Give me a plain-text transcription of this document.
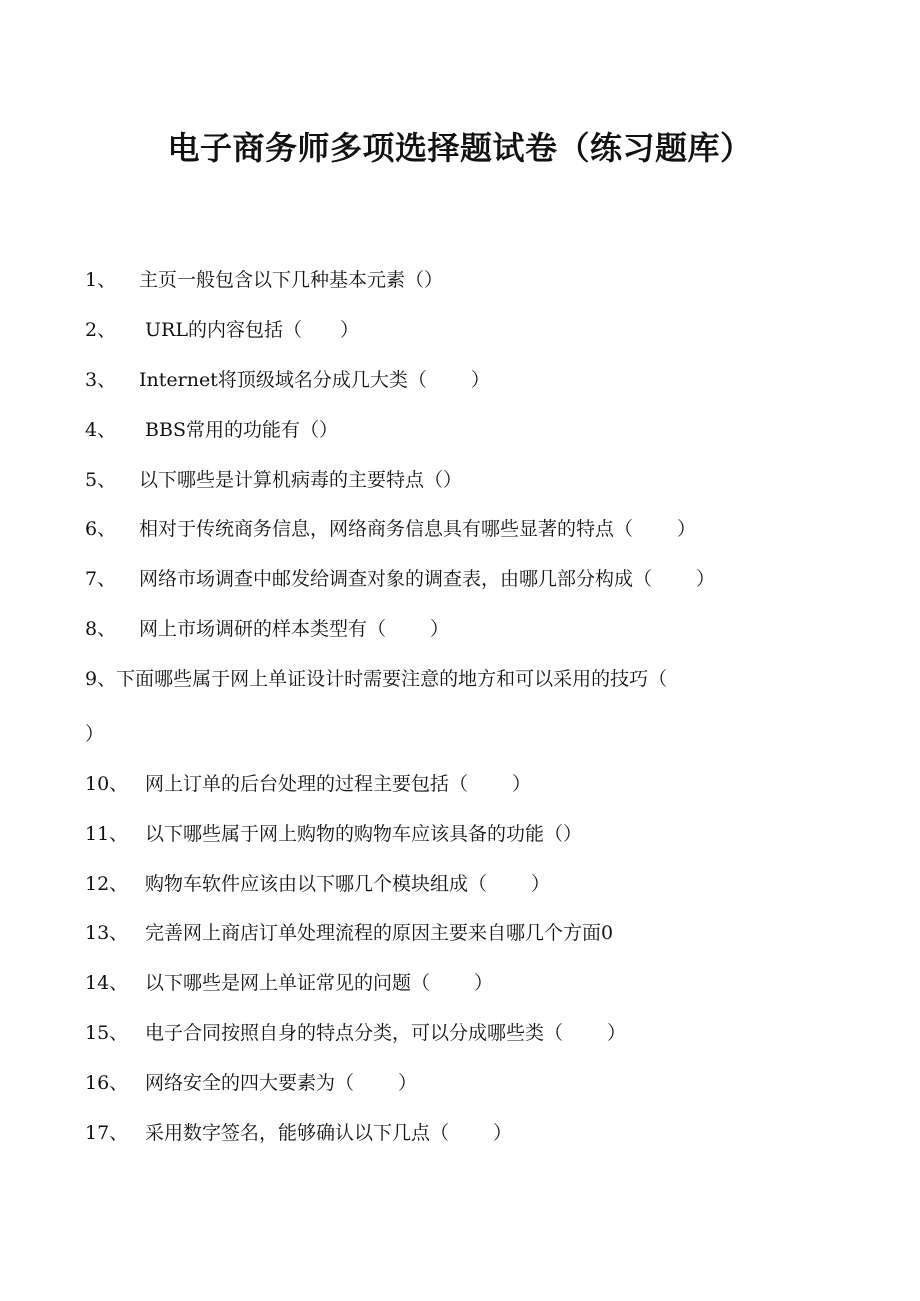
电子商务师多项选择题试卷（练习题库）
1、 主页一般包含以下几种基本元素（）
2、 URL的内容包括（　　）
3、 Internet将顶级域名分成几大类（　　 ）
4、 BBS常用的功能有（）
5、 以下哪些是计算机病毒的主要特点（）
6、 相对于传统商务信息，网络商务信息具有哪些显著的特点（　　 ）
7、 网络市场调查中邮发给调查对象的调查表，由哪几部分构成（　　 ）
8、 网上市场调研的样本类型有（　　 ）
9、下面哪些属于网上单证设计时需要注意的地方和可以采用的技巧（
）
10、 网上订单的后台处理的过程主要包括（　　 ）
11、 以下哪些属于网上购物的购物车应该具备的功能（）
12、 购物车软件应该由以下哪几个模块组成（　　 ）
13、 完善网上商店订单处理流程的原因主要来自哪几个方面0
14、 以下哪些是网上单证常见的问题（　　 ）
15、 电子合同按照自身的特点分类，可以分成哪些类（　　 ）
16、 网络安全的四大要素为（　　 ）
17、 采用数字签名，能够确认以下几点（　　 ）
